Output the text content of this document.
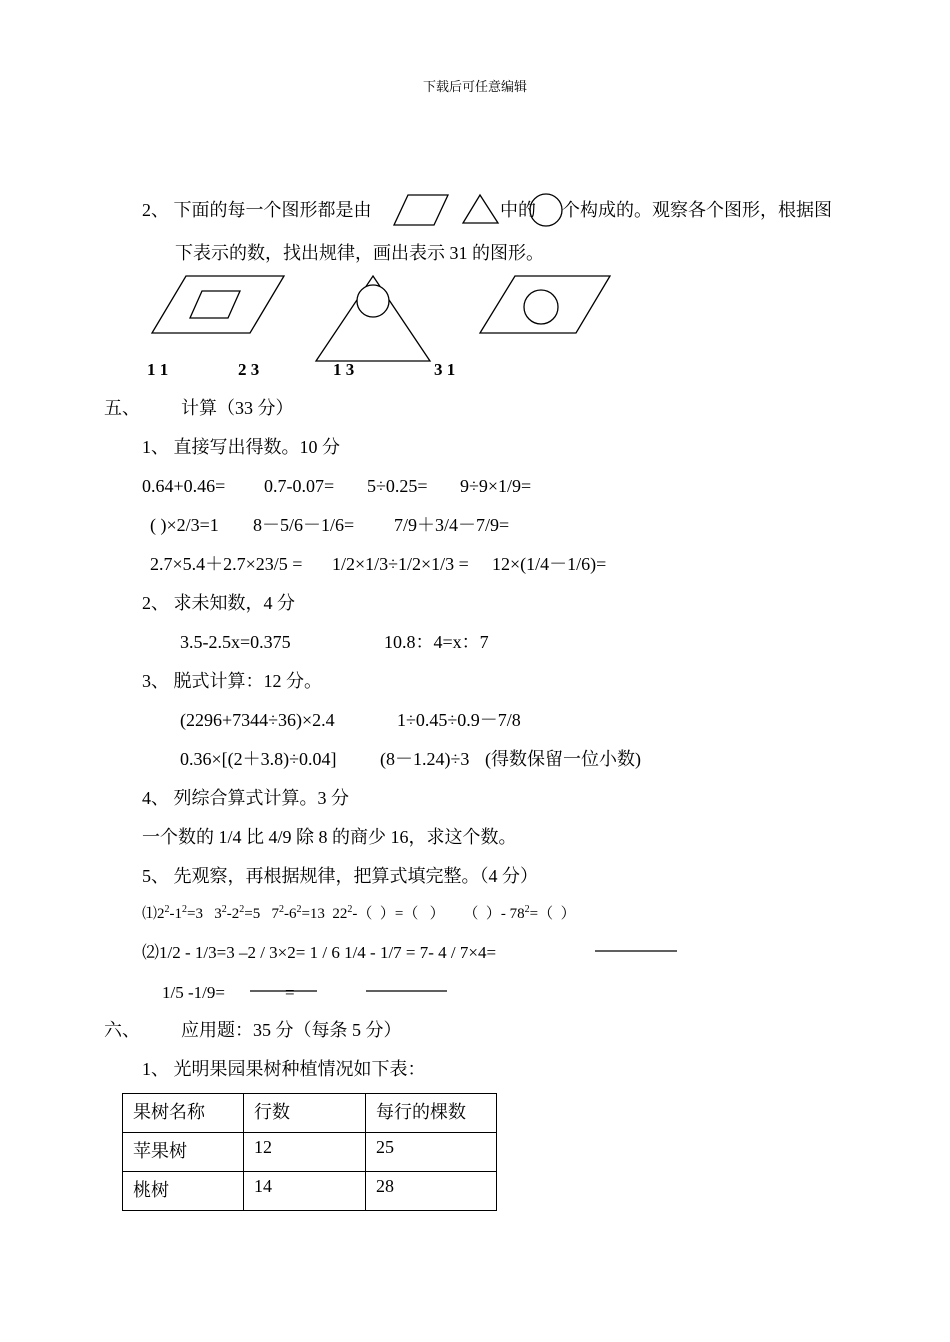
下载后可任意编辑
2、 下面的每一个图形都是由	中的 个构成的。观察各个图形，根据图
下表示的数，找出规律，画出表示 31 的图形。
1 1	2 3	1 3	3 1
五、 计算（33 分）
1、 直接写出得数。10 分
0.64+0.46= 0.7-0.07= 5÷0.25= 9÷9×1/9=
( )×2/3=1 8－5/6－1/6= 7/9＋3/4－7/9=
2.7×5.4＋2.7×23/5 = 1/2×1/3÷1/2×1/3 = 12×(1/4－1/6)=
2、 求未知数，4 分
3.5-2.5x=0.375	10.8：4=x：7
3、 脱式计算：12 分。
(2296+7344÷36)×2.4	1÷0.45÷0.9－7/8
0.36×[(2＋3.8)÷0.04] (8－1.24)÷3 (得数保留一位小数)
4、 列综合算式计算。3 分
一个数的 1/4 比 4/9 除 8 的商少 16，求这个数。
5、 先观察，再根据规律，把算式填完整。（4 分）
$⑴2^2-1^2=3$   $3^2-2^2=5$   $7^2-6^2=13$  $22^2-$（  ）=（   ）     （  ）- $78^2=$（  ）
⑵1/2 - 1/3=3 –2 / 3×2= 1 / 6 1/4 - 1/7 = 7- 4 / 7×4=
1/5 -1/9=	=
六、 应用题：35 分（每条 5 分）
1、 光明果园果树种植情况如下表：
果树名称	行数	每行的棵数
苹果树	12	25
桃树	14	28
